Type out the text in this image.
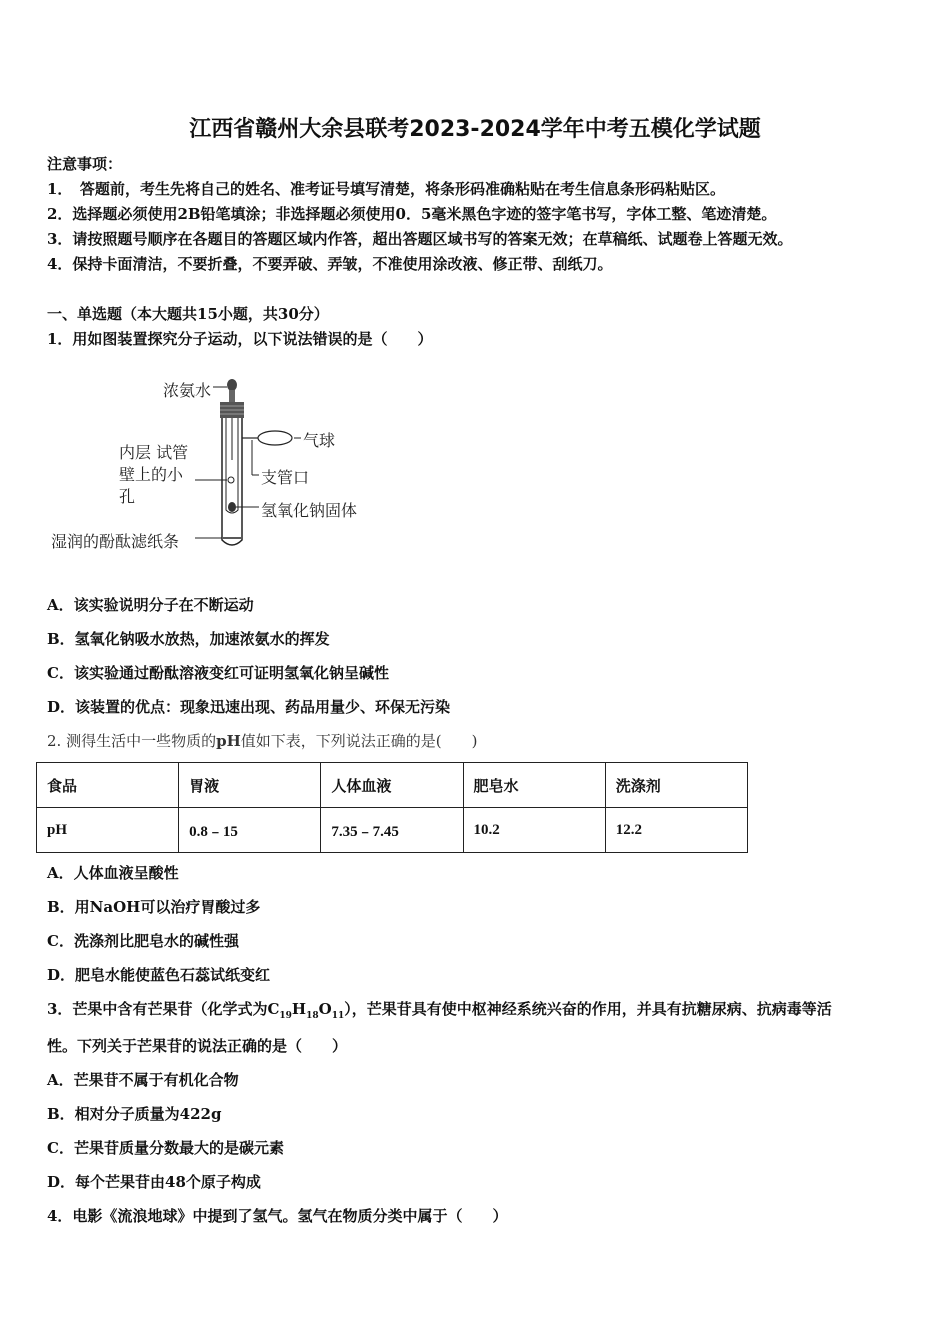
江西省赣州大余县联考2023-2024学年中考五模化学试题
注意事项：
1．　答题前，考生先将自己的姓名、准考证号填写清楚，将条形码准确粘贴在考生信息条形码粘贴区。
2．选择题必须使用2B铅笔填涂；非选择题必须使用0．5毫米黑色字迹的签字笔书写，字体工整、笔迹清楚。
3．请按照题号顺序在各题目的答题区域内作答，超出答题区域书写的答案无效；在草稿纸、试题卷上答题无效。
4．保持卡面清洁，不要折叠，不要弄破、弄皱，不准使用涂改液、修正带、刮纸刀。
一、单选题（本大题共15小题，共30分）
1．用如图装置探究分子运动，以下说法错误的是（　　）
浓氨水
气球
内层 试管
壁上的小
孔
支管口
氢氧化钠固体
湿润的酚酞滤纸条
A．该实验说明分子在不断运动
B．氢氧化钠吸水放热，加速浓氨水的挥发
C．该实验通过酚酞溶液变红可证明氢氧化钠呈碱性
D．该装置的优点：现象迅速出现、药品用量少、环保无污染
2. 测得生活中一些物质的pH值如下表，下列说法正确的是(　　)
食品	胃液	人体血液	肥皂水	洗涤剂
pH	0.8﹣15	7.35﹣7.45	10.2	12.2
A．人体血液呈酸性
B．用NaOH可以治疗胃酸过多
C．洗涤剂比肥皂水的碱性强
D．肥皂水能使蓝色石蕊试纸变红
3．芒果中含有芒果苷（化学式为$C_{19}H_{18}O_{11}$），芒果苷具有使中枢神经系统兴奋的作用，并具有抗糖尿病、抗病毒等活
性。下列关于芒果苷的说法正确的是（　　）
A．芒果苷不属于有机化合物
B．相对分子质量为422g
C．芒果苷质量分数最大的是碳元素
D．每个芒果苷由48个原子构成
4．电影《流浪地球》中提到了氢气。氢气在物质分类中属于（　　）
